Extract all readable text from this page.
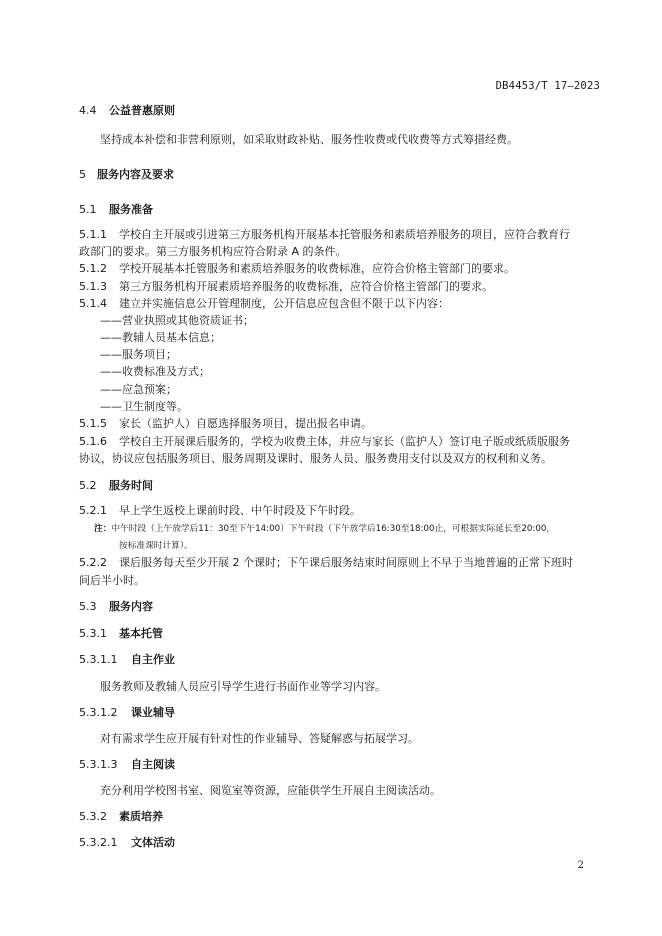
DB4453/T 17—2023
4.4 公益普惠原则
坚持成本补偿和非营利原则，如采取财政补贴、服务性收费或代收费等方式筹措经费。
5 服务内容及要求
5.1 服务准备
5.1.1 学校自主开展或引进第三方服务机构开展基本托管服务和素质培养服务的项目，应符合教育行
政部门的要求。第三方服务机构应符合附录 A 的条件。
5.1.2 学校开展基本托管服务和素质培养服务的收费标准，应符合价格主管部门的要求。
5.1.3 第三方服务机构开展素质培养服务的收费标准，应符合价格主管部门的要求。
5.1.4 建立并实施信息公开管理制度，公开信息应包含但不限于以下内容：
——营业执照或其他资质证书；
——教辅人员基本信息；
——服务项目；
——收费标准及方式；
——应急预案；
——卫生制度等。
5.1.5 家长（监护人）自愿选择服务项目，提出报名申请。
5.1.6 学校自主开展课后服务的，学校为收费主体，并应与家长（监护人）签订电子版或纸质版服务
协议，协议应包括服务项目、服务周期及课时、服务人员、服务费用支付以及双方的权利和义务。
5.2 服务时间
5.2.1 早上学生返校上课前时段、中午时段及下午时段。
注：中午时段（上午放学后11：30至下午14:00）下午时段（下午放学后16:30至18:00止，可根据实际延长至20:00，
按标准课时计算）。
5.2.2 课后服务每天至少开展 2 个课时；下午课后服务结束时间原则上不早于当地普遍的正常下班时
间后半小时。
5.3 服务内容
5.3.1 基本托管
5.3.1.1 自主作业
服务教师及教辅人员应引导学生进行书面作业等学习内容。
5.3.1.2 课业辅导
对有需求学生应开展有针对性的作业辅导、答疑解惑与拓展学习。
5.3.1.3 自主阅读
充分利用学校图书室、阅览室等资源，应能供学生开展自主阅读活动。
5.3.2 素质培养
5.3.2.1 文体活动
2
